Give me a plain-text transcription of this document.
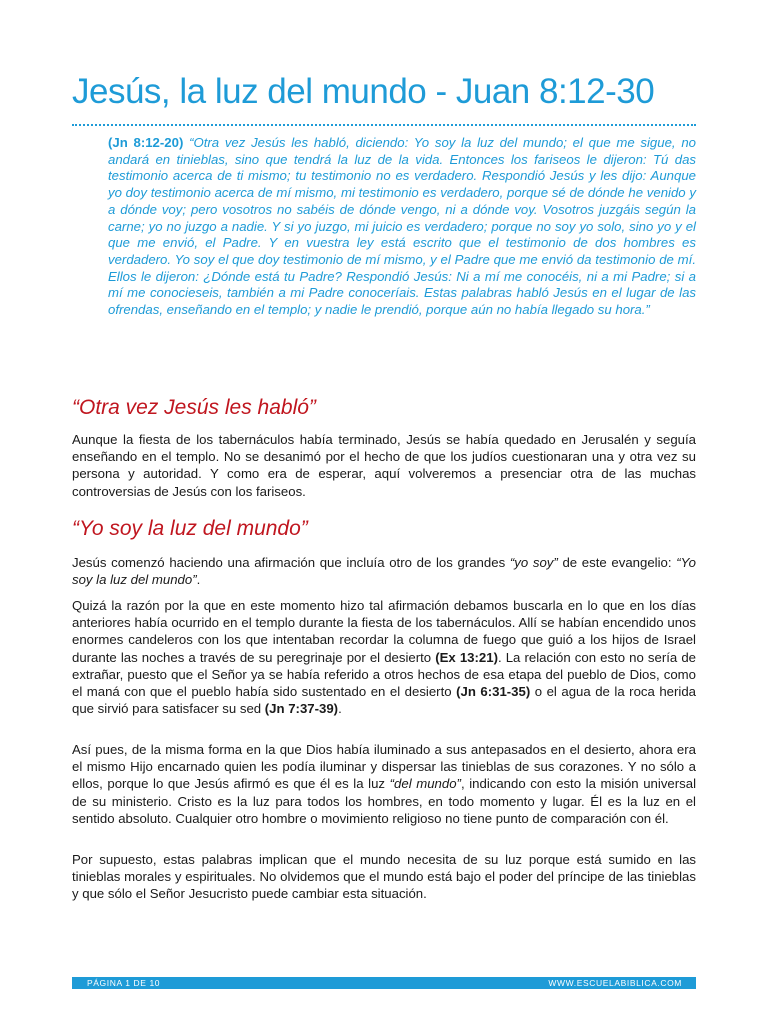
Jesús, la luz del mundo - Juan 8:12-30

(Jn 8:12-20) “Otra vez Jesús les habló, diciendo: Yo soy la luz del mundo; el que me sigue, no andará en tinieblas, sino que tendrá la luz de la vida. Entonces los fariseos le dijeron: Tú das testimonio acerca de ti mismo; tu testimonio no es verdadero. Respondió Jesús y les dijo: Aunque yo doy testimonio acerca de mí mismo, mi testimonio es verdadero, porque sé de dónde he venido y a dónde voy; pero vosotros no sabéis de dónde vengo, ni a dónde voy. Vosotros juzgáis según la carne; yo no juzgo a nadie. Y si yo juzgo, mi juicio es verdadero; porque no soy yo solo, sino yo y el que me envió, el Padre. Y en vuestra ley está escrito que el testimonio de dos hombres es verdadero. Yo soy el que doy testimonio de mí mismo, y el Padre que me envió da testimonio de mí. Ellos le dijeron: ¿Dónde está tu Padre? Respondió Jesús: Ni a mí me conocéis, ni a mi Padre; si a mí me conocieseis, también a mi Padre conoceríais. Estas palabras habló Jesús en el lugar de las ofrendas, enseñando en el templo; y nadie le prendió, porque aún no había llegado su hora.”

“Otra vez Jesús les habló”

Aunque la fiesta de los tabernáculos había terminado, Jesús se había quedado en Jerusalén y seguía enseñando en el templo. No se desanimó por el hecho de que los judíos cuestionaran una y otra vez su persona y autoridad. Y como era de esperar, aquí volveremos a presenciar otra de las muchas controversias de Jesús con los fariseos.

“Yo soy la luz del mundo”

Jesús comenzó haciendo una afirmación que incluía otro de los grandes “yo soy” de este evangelio: “Yo soy la luz del mundo”.

Quizá la razón por la que en este momento hizo tal afirmación debamos buscarla en lo que en los días anteriores había ocurrido en el templo durante la fiesta de los tabernáculos. Allí se habían encendido unos enormes candeleros con los que intentaban recordar la columna de fuego que guió a los hijos de Israel durante las noches a través de su peregrinaje por el desierto (Ex 13:21). La relación con esto no sería de extrañar, puesto que el Señor ya se había referido a otros hechos de esa etapa del pueblo de Dios, como el maná con que el pueblo había sido sustentado en el desierto (Jn 6:31-35) o el agua de la roca herida que sirvió para satisfacer su sed (Jn 7:37-39).

Así pues, de la misma forma en la que Dios había iluminado a sus antepasados en el desierto, ahora era el mismo Hijo encarnado quien les podía iluminar y dispersar las tinieblas de sus corazones. Y no sólo a ellos, porque lo que Jesús afirmó es que él es la luz “del mundo”, indicando con esto la misión universal de su ministerio. Cristo es la luz para todos los hombres, en todo momento y lugar. Él es la luz en el sentido absoluto. Cualquier otro hombre o movimiento religioso no tiene punto de comparación con él.

Por supuesto, estas palabras implican que el mundo necesita de su luz porque está sumido en las tinieblas morales y espirituales. No olvidemos que el mundo está bajo el poder del príncipe de las tinieblas y que sólo el Señor Jesucristo puede cambiar esta situación.

PÁGINA 1 DE 10	WWW.ESCUELABIBLICA.COM
